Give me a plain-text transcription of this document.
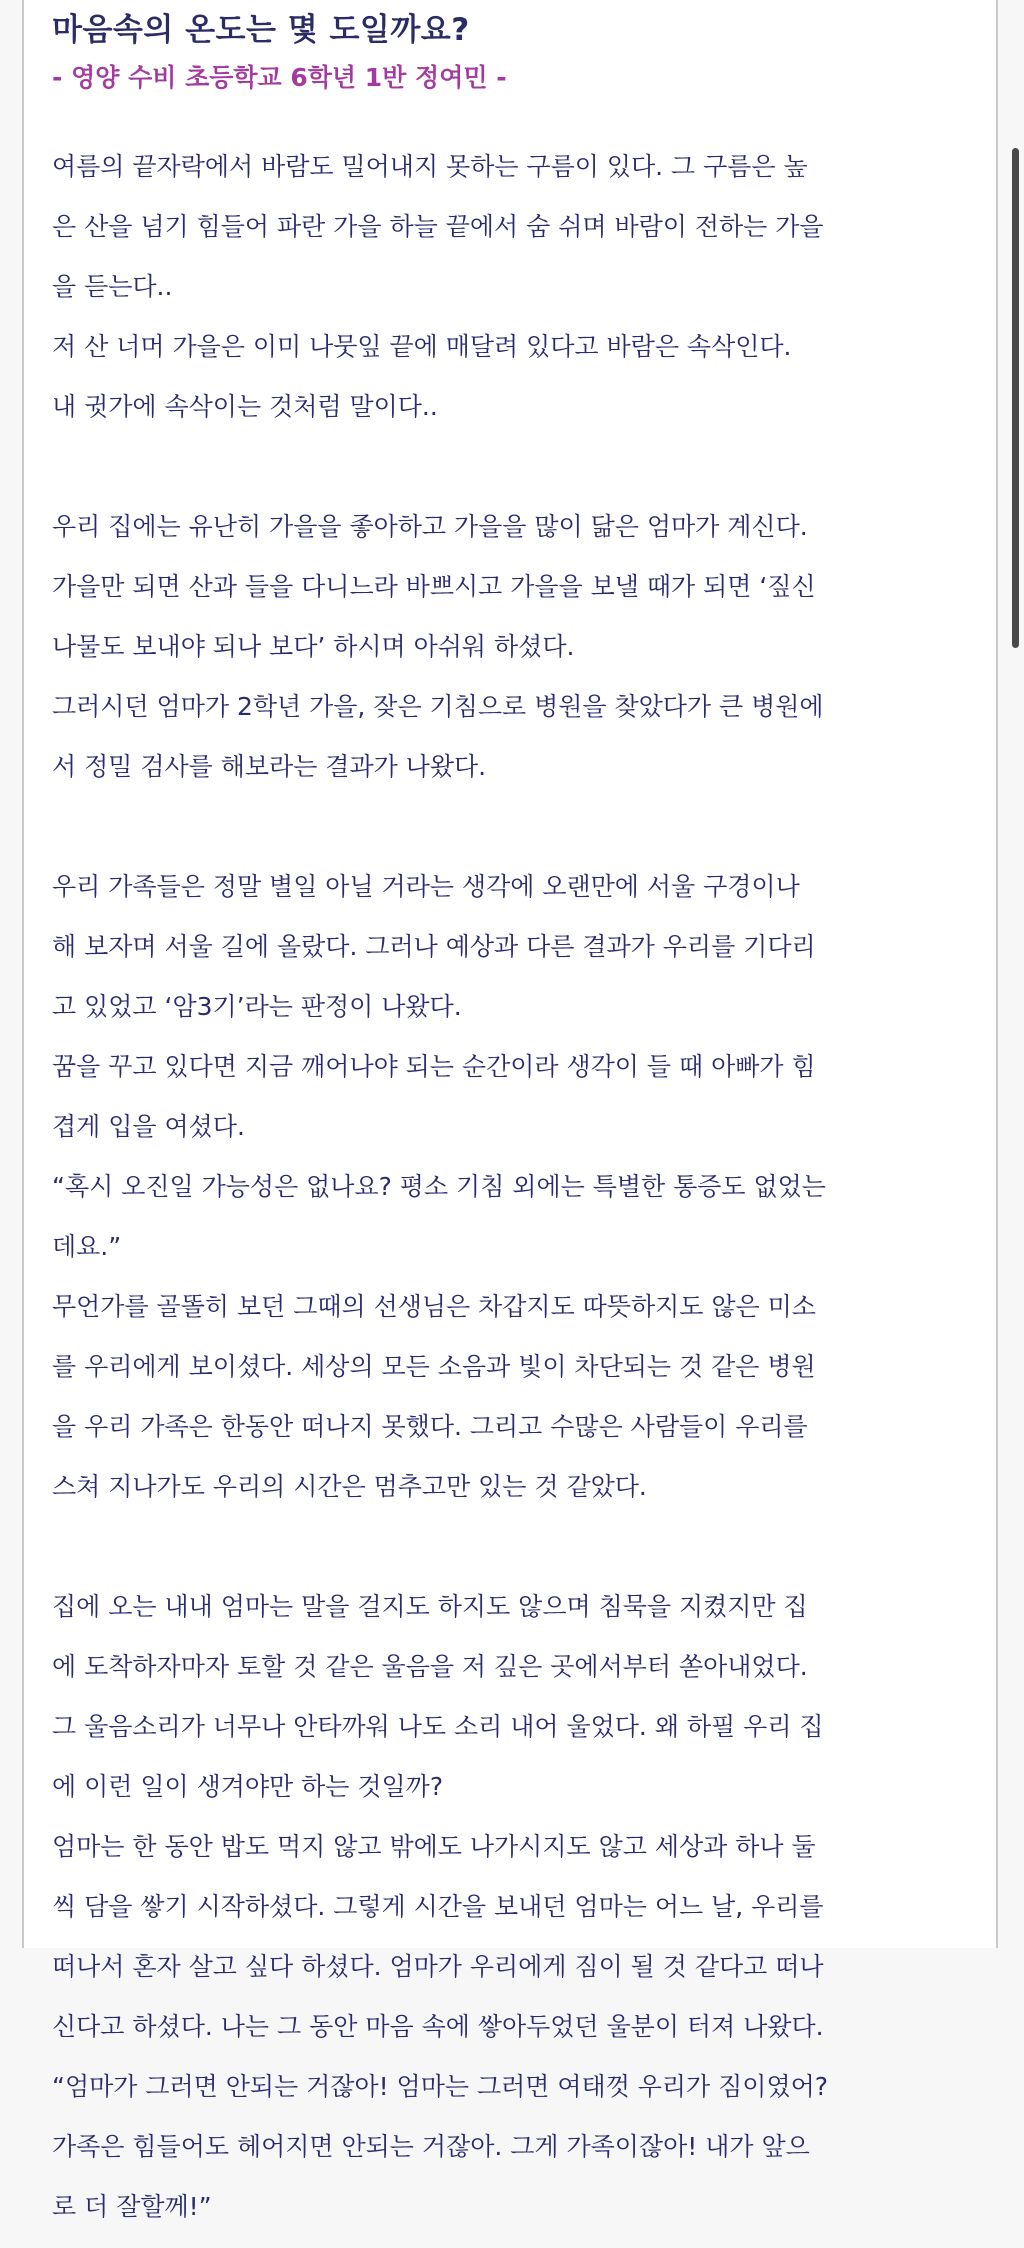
마음속의 온도는 몇 도일까요?
- 영양 수비 초등학교 6학년 1반 정여민 -
여름의 끝자락에서 바람도 밀어내지 못하는 구름이 있다. 그 구름은 높
은 산을 넘기 힘들어 파란 가을 하늘 끝에서 숨 쉬며 바람이 전하는 가을
을 듣는다..
저 산 너머 가을은 이미 나뭇잎 끝에 매달려 있다고 바람은 속삭인다.
내 귓가에 속삭이는 것처럼 말이다..
우리 집에는 유난히 가을을 좋아하고 가을을 많이 닮은 엄마가 계신다.
가을만 되면 산과 들을 다니느라 바쁘시고 가을을 보낼 때가 되면 ‘짚신
나물도 보내야 되나 보다’ 하시며 아쉬워 하셨다.
그러시던 엄마가 2학년 가을, 잦은 기침으로 병원을 찾았다가 큰 병원에
서 정밀 검사를 해보라는 결과가 나왔다.
우리 가족들은 정말 별일 아닐 거라는 생각에 오랜만에 서울 구경이나
해 보자며 서울 길에 올랐다. 그러나 예상과 다른 결과가 우리를 기다리
고 있었고 ‘암3기’라는 판정이 나왔다.
꿈을 꾸고 있다면 지금 깨어나야 되는 순간이라 생각이 들 때 아빠가 힘
겹게 입을 여셨다.
“혹시 오진일 가능성은 없나요? 평소 기침 외에는 특별한 통증도 없었는
데요.”
무언가를 골똘히 보던 그때의 선생님은 차갑지도 따뜻하지도 않은 미소
를 우리에게 보이셨다. 세상의 모든 소음과 빛이 차단되는 것 같은 병원
을 우리 가족은 한동안 떠나지 못했다. 그리고 수많은 사람들이 우리를
스쳐 지나가도 우리의 시간은 멈추고만 있는 것 같았다.
집에 오는 내내 엄마는 말을 걸지도 하지도 않으며 침묵을 지켰지만 집
에 도착하자마자 토할 것 같은 울음을 저 깊은 곳에서부터 쏟아내었다.
그 울음소리가 너무나 안타까워 나도 소리 내어 울었다. 왜 하필 우리 집
에 이런 일이 생겨야만 하는 것일까?
엄마는 한 동안 밥도 먹지 않고 밖에도 나가시지도 않고 세상과 하나 둘
씩 담을 쌓기 시작하셨다. 그렇게 시간을 보내던 엄마는 어느 날, 우리를
떠나서 혼자 살고 싶다 하셨다. 엄마가 우리에게 짐이 될 것 같다고 떠나
신다고 하셨다. 나는 그 동안 마음 속에 쌓아두었던 울분이 터져 나왔다.
“엄마가 그러면 안되는 거잖아! 엄마는 그러면 여태껏 우리가 짐이였어?
가족은 힘들어도 헤어지면 안되는 거잖아. 그게 가족이잖아! 내가 앞으
로 더 잘할께!”
